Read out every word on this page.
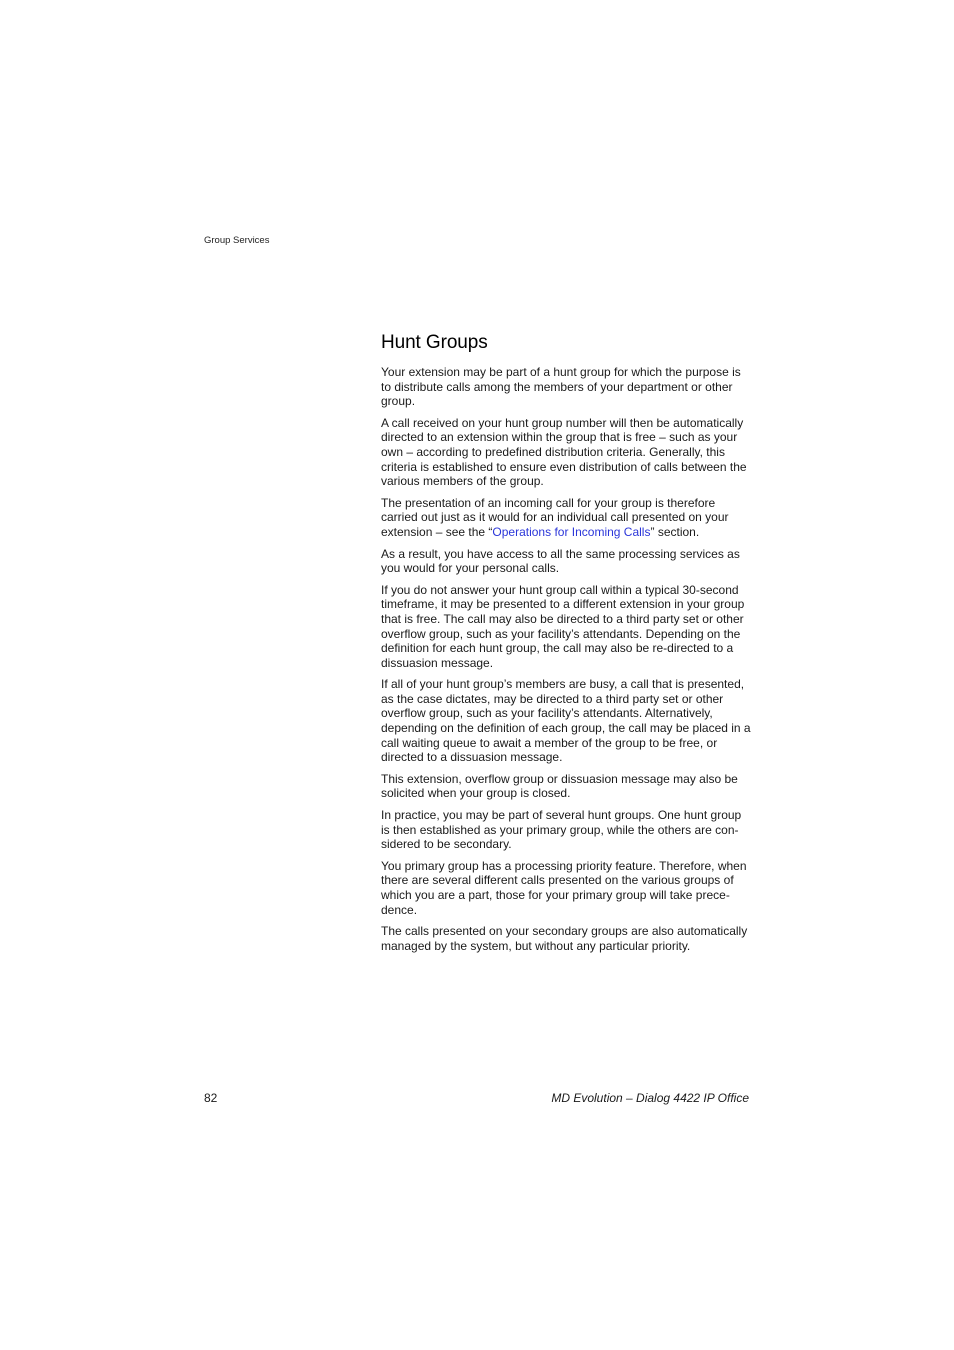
Group Services
Hunt Groups

Your extension may be part of a hunt group for which the purpose is to distribute calls among the members of your department or other group.

A call received on your hunt group number will then be automatically directed to an extension within the group that is free – such as your own – according to predefined distribution criteria. Generally, this criteria is established to ensure even distribution of calls between the various members of the group.

The presentation of an incoming call for your group is therefore carried out just as it would for an individual call presented on your extension – see the “Operations for Incoming Calls” section.

As a result, you have access to all the same processing services as you would for your personal calls.

If you do not answer your hunt group call within a typical 30-second timeframe, it may be presented to a different extension in your group that is free. The call may also be directed to a third party set or other overflow group, such as your facility’s attendants. Depending on the definition for each hunt group, the call may also be re-directed to a dissuasion message.

If all of your hunt group’s members are busy, a call that is presented, as the case dictates, may be directed to a third party set or other overflow group, such as your facility’s attendants. Alternatively, depending on the definition of each group, the call may be placed in a call waiting queue to await a member of the group to be free, or directed to a dissuasion message.

This extension, overflow group or dissuasion message may also be solicited when your group is closed.

In practice, you may be part of several hunt groups. One hunt group is then established as your primary group, while the others are con-sidered to be secondary.

You primary group has a processing priority feature. Therefore, when there are several different calls presented on the various groups of which you are a part, those for your primary group will take prece-
dence.

The calls presented on your secondary groups are also automatically managed by the system, but without any particular priority.

82	MD Evolution – Dialog 4422 IP Office
